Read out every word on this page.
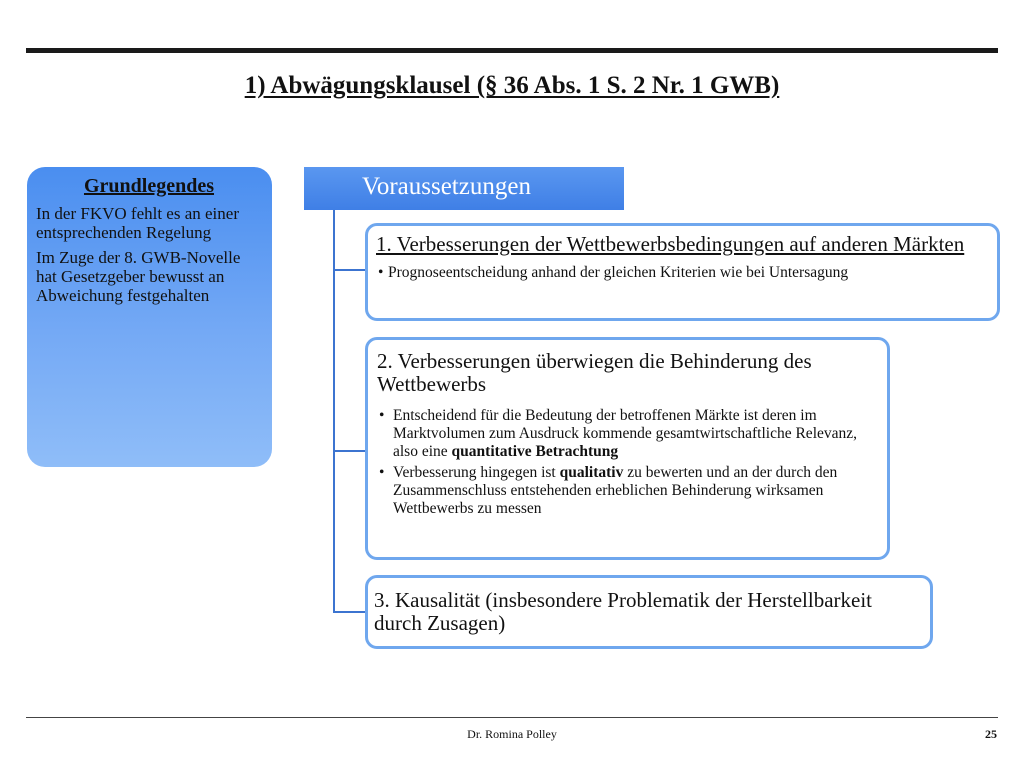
1) Abwägungsklausel (§ 36 Abs. 1 S. 2 Nr. 1 GWB)
Grundlegendes

In der FKVO fehlt es an einer entsprechenden Regelung

Im Zuge der 8. GWB-Novelle hat Gesetzgeber bewusst an Abweichung festgehalten

Voraussetzungen
1. Verbesserungen der Wettbewerbsbedingungen auf anderen Märkten
• Prognoseentscheidung anhand der gleichen Kriterien wie bei Untersagung
2. Verbesserungen überwiegen die Behinderung des Wettbewerbs
• Entscheidend für die Bedeutung der betroffenen Märkte ist deren im Marktvolumen zum Ausdruck kommende gesamtwirtschaftliche Relevanz, also eine quantitative Betrachtung
• Verbesserung hingegen ist qualitativ zu bewerten und an der durch den Zusammenschluss entstehenden erheblichen Behinderung wirksamen Wettbewerbs zu messen
3. Kausalität (insbesondere Problematik der Herstellbarkeit durch Zusagen)
Dr. Romina Polley	25
